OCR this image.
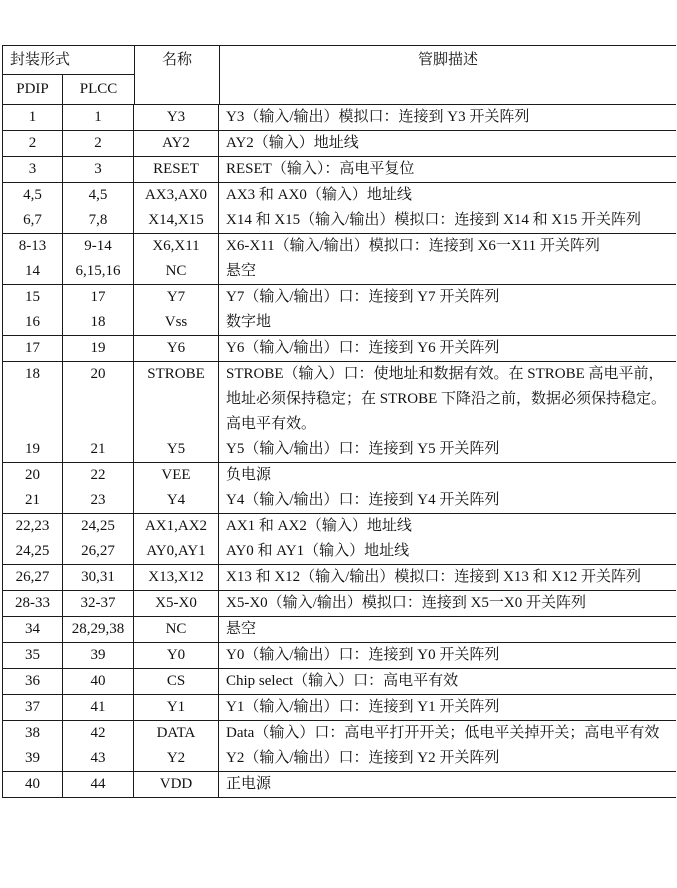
封装形式
PDIP	PLCC
名称	管脚描述
1	1	Y3	Y3（输入/输出）模拟口：连接到 Y3 开关阵列
2	2	AY2	AY2（输入）地址线
3	3	RESET	RESET（输入）：高电平复位
4,5	4,5	AX3,AX0	AX3 和 AX0（输入）地址线
6,7	7,8	X14,X15	X14 和 X15（输入/输出）模拟口：连接到 X14 和 X15 开关阵列
8-13	9-14	X6,X11	X6-X11（输入/输出）模拟口：连接到 X6一X11 开关阵列
14	6,15,16	NC	悬空
15	17	Y7	Y7（输入/输出）口：连接到 Y7 开关阵列
16	18	Vss	数字地
17	19	Y6	Y6（输入/输出）口：连接到 Y6 开关阵列
18	20	STROBE	STROBE（输入）口：使地址和数据有效。在 STROBE 高电平前，地址必须保持稳定；在 STROBE 下降沿之前，数据必须保持稳定。高电平有效。
19	21	Y5	Y5（输入/输出）口：连接到 Y5 开关阵列
20	22	VEE	负电源
21	23	Y4	Y4（输入/输出）口：连接到 Y4 开关阵列
22,23	24,25	AX1,AX2	AX1 和 AX2（输入）地址线
24,25	26,27	AY0,AY1	AY0 和 AY1（输入）地址线
26,27	30,31	X13,X12	X13 和 X12（输入/输出）模拟口：连接到 X13 和 X12 开关阵列
28-33	32-37	X5-X0	X5-X0（输入/输出）模拟口：连接到 X5一X0 开关阵列
34	28,29,38	NC	悬空
35	39	Y0	Y0（输入/输出）口：连接到 Y0 开关阵列
36	40	CS	Chip select（输入）口：高电平有效
37	41	Y1	Y1（输入/输出）口：连接到 Y1 开关阵列
38	42	DATA	Data（输入）口：高电平打开开关；低电平关掉开关；高电平有效
39	43	Y2	Y2（输入/输出）口：连接到 Y2 开关阵列
40	44	VDD	正电源
